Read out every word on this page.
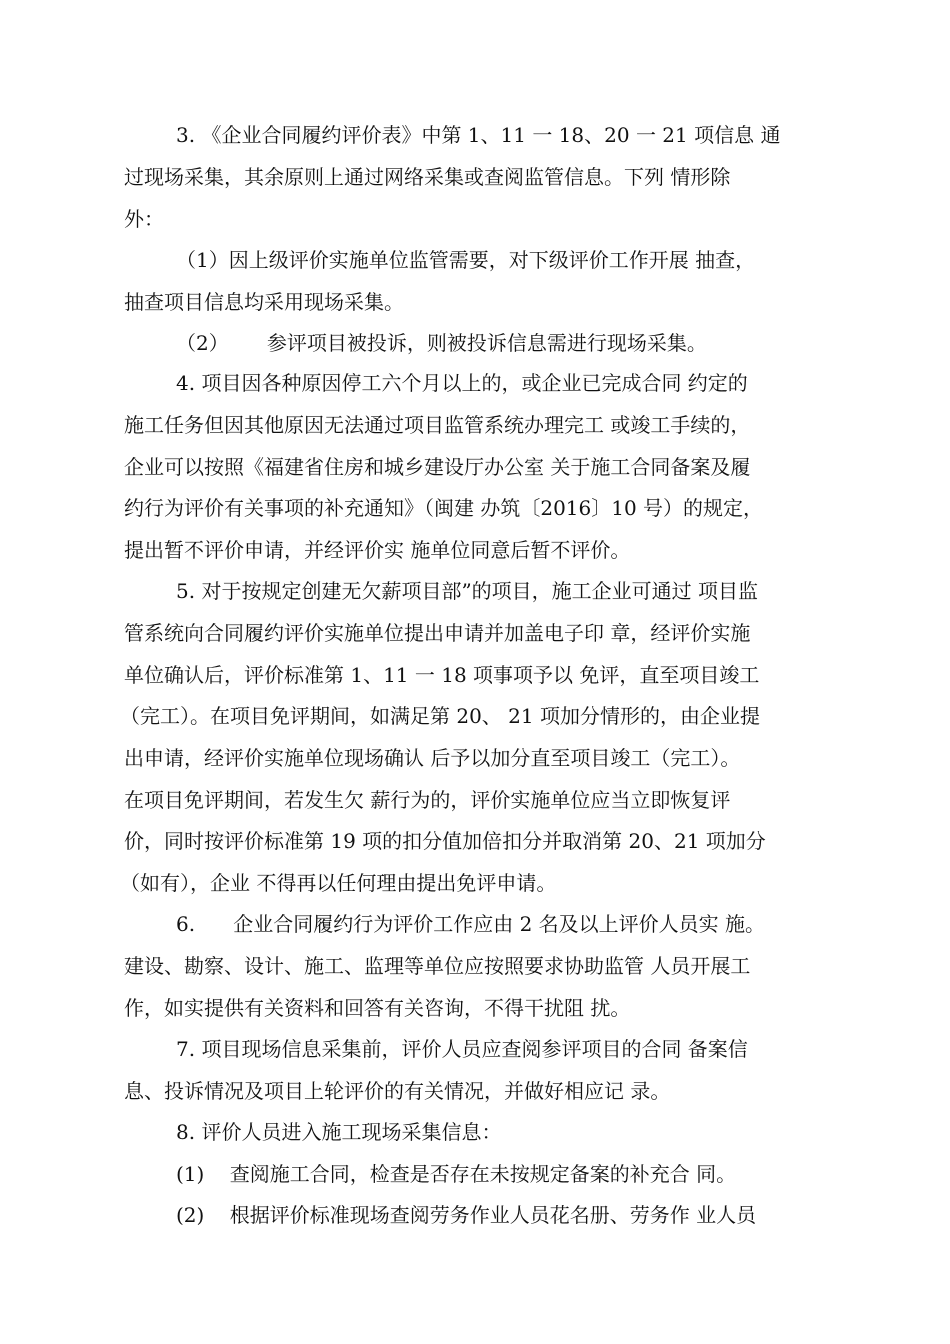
3. 《企业合同履约评价表》中第 1、11 一 18、20 一 21 项信息 通
过现场采集，其余原则上通过网络采集或查阅监管信息。下列 情形除
外：
（1）因上级评价实施单位监管需要，对下级评价工作开展 抽查，
抽查项目信息均采用现场采集。
（2）      参评项目被投诉，则被投诉信息需进行现场采集。
4. 项目因各种原因停工六个月以上的，或企业已完成合同 约定的
施工任务但因其他原因无法通过项目监管系统办理完工 或竣工手续的，
企业可以按照《福建省住房和城乡建设厅办公室 关于施工合同备案及履
约行为评价有关事项的补充通知》（闽建 办筑〔2016〕10 号）的规定，
提出暂不评价申请，并经评价实 施单位同意后暂不评价。
5. 对于按规定创建无欠薪项目部”的项目，施工企业可通过 项目监
管系统向合同履约评价实施单位提出申请并加盖电子印 章，经评价实施
单位确认后，评价标准第 1、11 一 18 项事项予以 免评，直至项目竣工
（完工）。在项目免评期间，如满足第 20、 21 项加分情形的，由企业提
出申请，经评价实施单位现场确认 后予以加分直至项目竣工（完工）。
在项目免评期间，若发生欠 薪行为的，评价实施单位应当立即恢复评
价，同时按评价标准第 19 项的扣分值加倍扣分并取消第 20、21 项加分
（如有），企业 不得再以任何理由提出免评申请。
6.      企业合同履约行为评价工作应由 2 名及以上评价人员实 施。
建设、勘察、设计、施工、监理等单位应按照要求协助监管 人员开展工
作，如实提供有关资料和回答有关咨询，不得干扰阻 扰。
7. 项目现场信息采集前，评价人员应查阅参评项目的合同 备案信
息、投诉情况及项目上轮评价的有关情况，并做好相应记 录。
8. 评价人员进入施工现场采集信息：
(1)    查阅施工合同，检查是否存在未按规定备案的补充合 同。
(2)    根据评价标准现场查阅劳务作业人员花名册、劳务作 业人员
